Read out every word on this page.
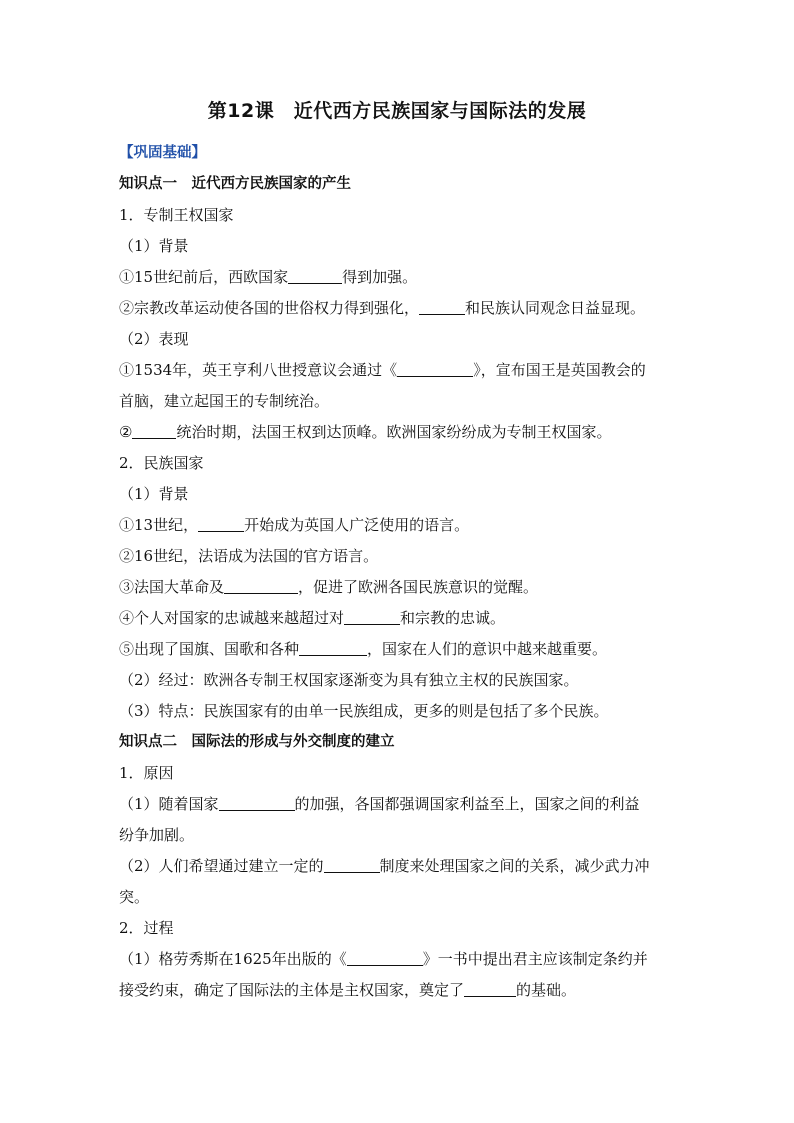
第12课　近代西方民族国家与国际法的发展
【巩固基础】
知识点一　近代西方民族国家的产生
1．专制王权国家
（1）背景
①15世纪前后，西欧国家	得到加强。
②宗教改革运动使各国的世俗权力得到强化，	和民族认同观念日益显现。
（2）表现
①1534年，英王亨利八世授意议会通过《	》，宣布国王是英国教会的
首脑，建立起国王的专制统治。
②	统治时期，法国王权到达顶峰。欧洲国家纷纷成为专制王权国家。
2．民族国家
（1）背景
①13世纪，	开始成为英国人广泛使用的语言。
②16世纪，法语成为法国的官方语言。
③法国大革命及	，促进了欧洲各国民族意识的觉醒。
④个人对国家的忠诚越来越超过对	和宗教的忠诚。
⑤出现了国旗、国歌和各种	，国家在人们的意识中越来越重要。
（2）经过：欧洲各专制王权国家逐渐变为具有独立主权的民族国家。
（3）特点：民族国家有的由单一民族组成，更多的则是包括了多个民族。
知识点二　国际法的形成与外交制度的建立
1．原因
（1）随着国家	的加强，各国都强调国家利益至上，国家之间的利益
纷争加剧。
（2）人们希望通过建立一定的	制度来处理国家之间的关系，减少武力冲
突。
2．过程
（1）格劳秀斯在1625年出版的《	》一书中提出君主应该制定条约并
接受约束，确定了国际法的主体是主权国家，奠定了	的基础。
